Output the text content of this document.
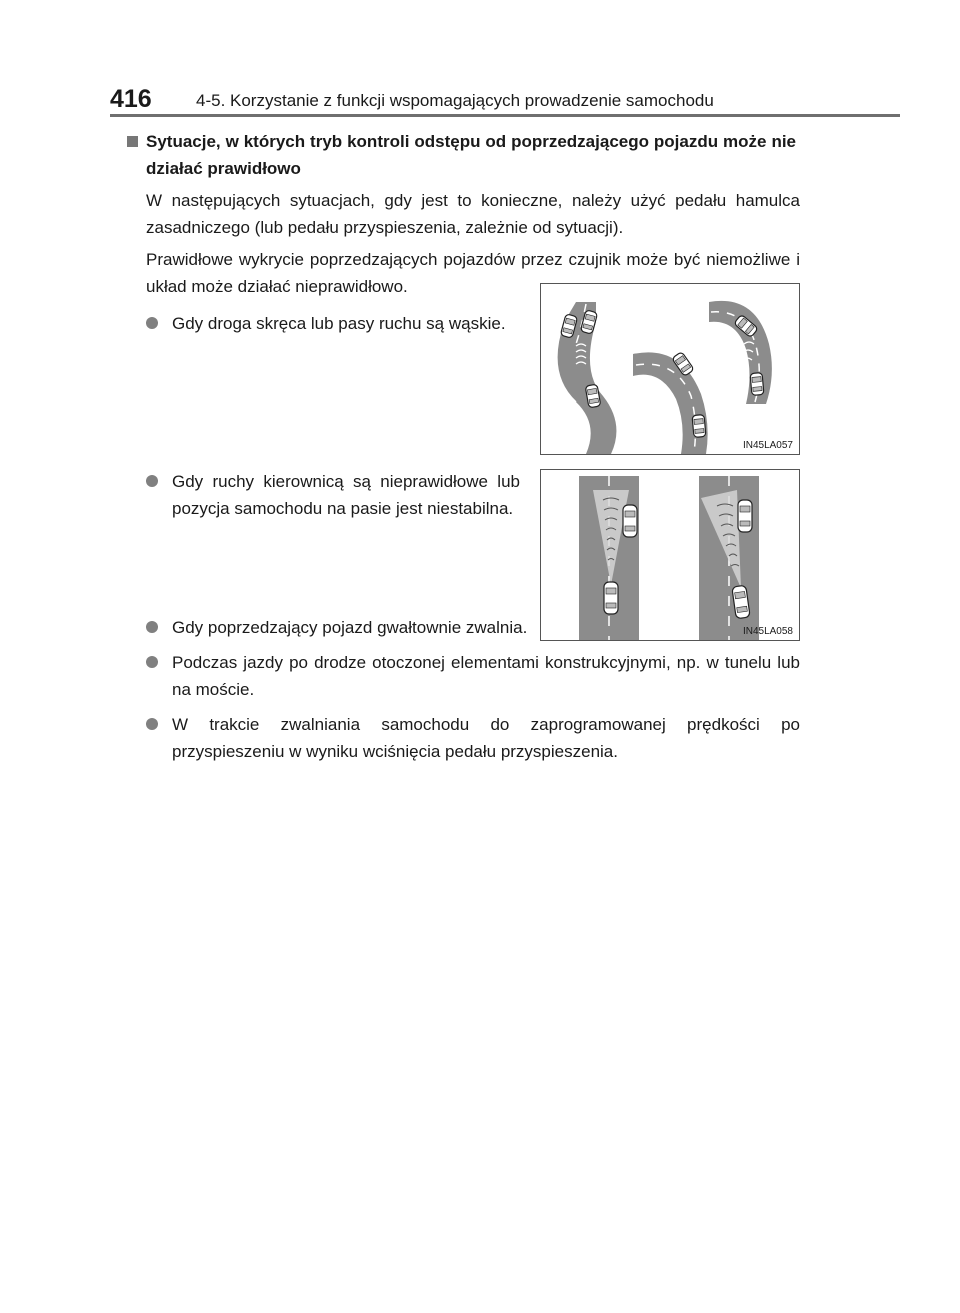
416	4-5. Korzystanie z funkcji wspomagających prowadzenie samochodu
Sytuacje, w których tryb kontroli odstępu od poprzedzającego pojazdu może nie działać prawidłowo

W następujących sytuacjach, gdy jest to konieczne, należy użyć pedału hamulca zasadniczego (lub pedału przyspieszenia, zależnie od sytuacji).

Prawidłowe wykrycie poprzedzających pojazdów przez czujnik może być niemożliwe i układ może działać nieprawidłowo.

Gdy droga skręca lub pasy ruchu są wąskie.
Gdy ruchy kierownicą są nieprawidłowe lub pozycja samochodu na pasie jest niestabilna.
Gdy poprzedzający pojazd gwałtownie zwalnia.
Podczas jazdy po drodze otoczonej elementami konstrukcyjnymi, np. w tunelu lub na moście.
W trakcie zwalniania samochodu do zaprogramowanej prędkości po przyspieszeniu w wyniku wciśnięcia pedału przyspieszenia.
IN45LA057
IN45LA058
